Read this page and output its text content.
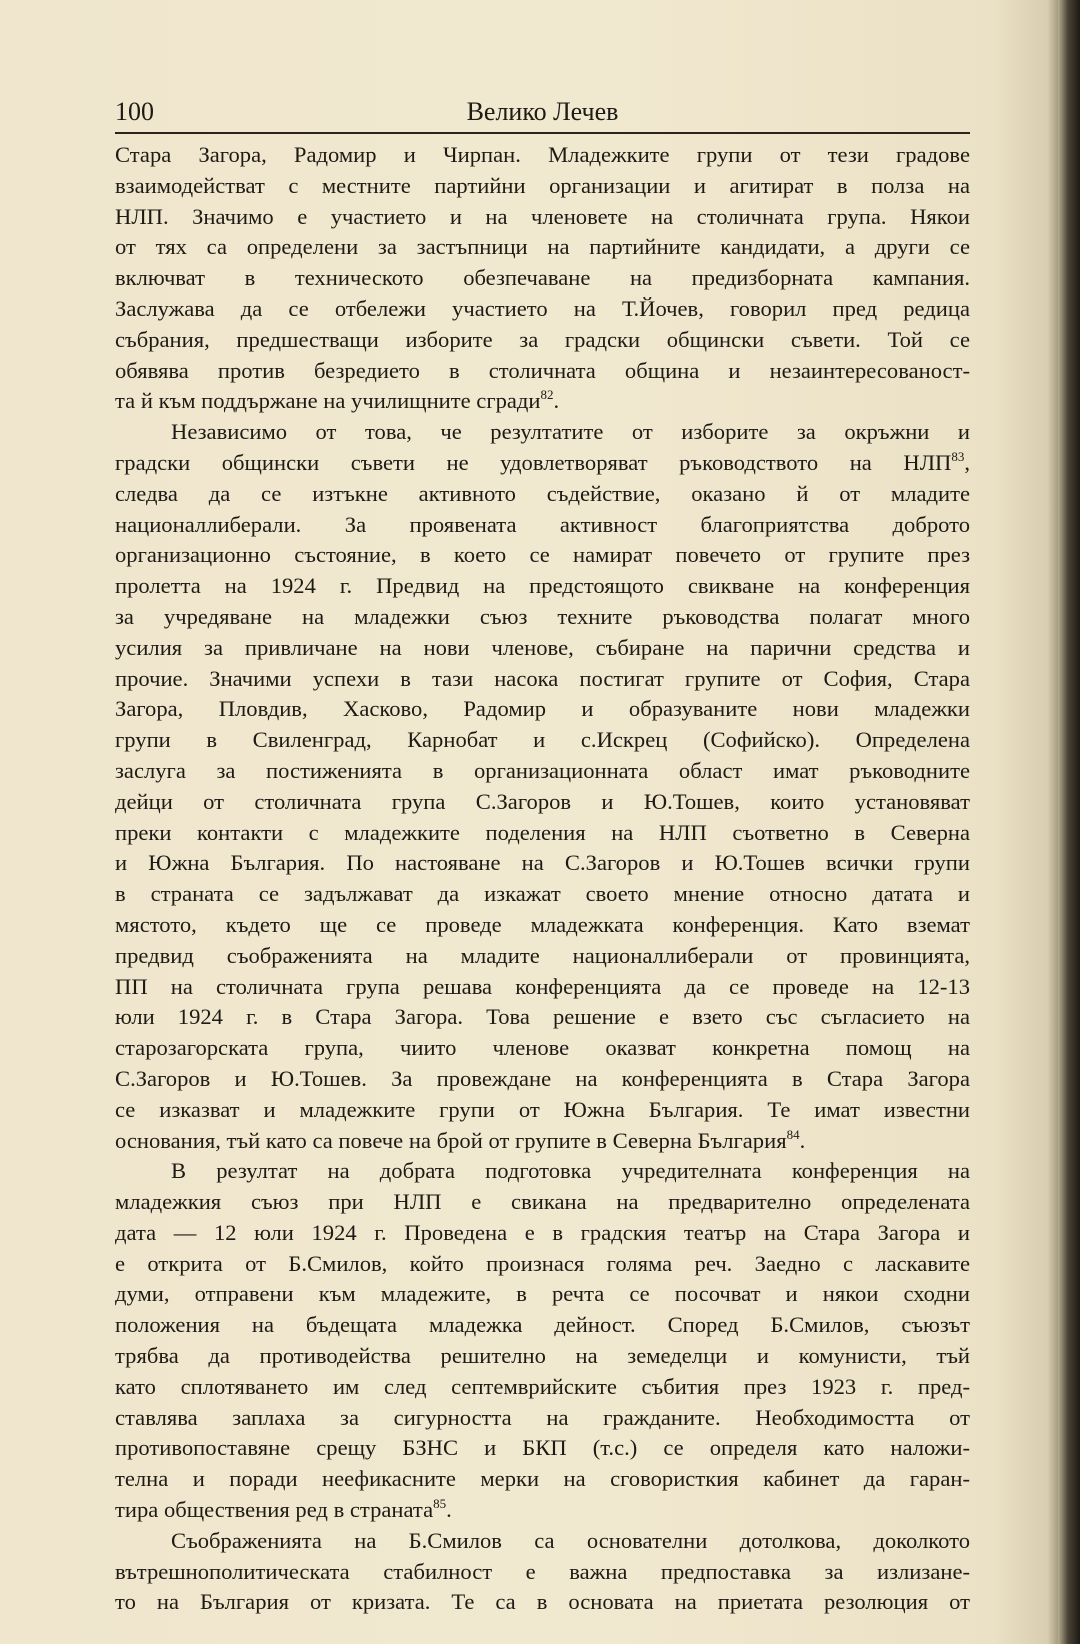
100	Велико Лечев
Стара Загора, Радомир и Чирпан. Младежките групи от тези градове
взаимодействат с местните партийни организации и агитират в полза на
НЛП. Значимо е участието и на членовете на столичната група. Някои
от тях са определени за застъпници на партийните кандидати, а други се
включват в техническото обезпечаване на предизборната кампания.
Заслужава да се отбележи участието на Т.Йочев, говорил пред редица
събрания, предшестващи изборите за градски общински съвети. Той се
обявява против безредието в столичната община и незаинтересованост-
та й към поддържане на училищните сгради$^{82}$.
Независимо от това, че резултатите от изборите за окръжни и
градски общински съвети не удовлетворяват ръководството на НЛП$^{83}$,
следва да се изтъкне активното съдействие, оказано й от младите
националлиберали. За проявената активност благоприятства доброто
организационно състояние, в което се намират повечето от групите през
пролетта на 1924 г. Предвид на предстоящото свикване на конференция
за учредяване на младежки съюз техните ръководства полагат много
усилия за привличане на нови членове, събиране на парични средства и
прочие. Значими успехи в тази насока постигат групите от София, Стара
Загора, Пловдив, Хасково, Радомир и образуваните нови младежки
групи в Свиленград, Карнобат и с.Искрец (Софийско). Определена
заслуга за постиженията в организационната област имат ръководните
дейци от столичната група С.Загоров и Ю.Тошев, които установяват
преки контакти с младежките поделения на НЛП съответно в Северна
и Южна България. По настояване на С.Загоров и Ю.Тошев всички групи
в страната се задължават да изкажат своето мнение относно датата и
мястото, където ще се проведе младежката конференция. Като вземат
предвид съображенията на младите националлиберали от провинцията,
ПП на столичната група решава конференцията да се проведе на 12-13
юли 1924 г. в Стара Загора. Това решение е взето със съгласието на
старозагорската група, чиито членове оказват конкретна помощ на
С.Загоров и Ю.Тошев. За провеждане на конференцията в Стара Загора
се изказват и младежките групи от Южна България. Те имат известни
основания, тъй като са повече на брой от групите в Северна България$^{84}$.
В резултат на добрата подготовка учредителната конференция на
младежкия съюз при НЛП е свикана на предварително определената
дата — 12 юли 1924 г. Проведена е в градския театър на Стара Загора и
е открита от Б.Смилов, който произнася голяма реч. Заедно с ласкавите
думи, отправени към младежите, в речта се посочват и някои сходни
положения на бъдещата младежка дейност. Според Б.Смилов, съюзът
трябва да противодейства решително на земеделци и комунисти, тъй
като сплотяването им след септемврийските събития през 1923 г. пред-
ставлява заплаха за сигурността на гражданите. Необходимостта от
противопоставяне срещу БЗНС и БКП (т.с.) се определя като наложи-
телна и поради неефикасните мерки на сговористкия кабинет да гаран-
тира обществения ред в страната$^{85}$.
Съображенията на Б.Смилов са основателни дотолкова, доколкото
вътрешнополитическата стабилност е важна предпоставка за излизане-
то на България от кризата. Те са в основата на приетата резолюция от
